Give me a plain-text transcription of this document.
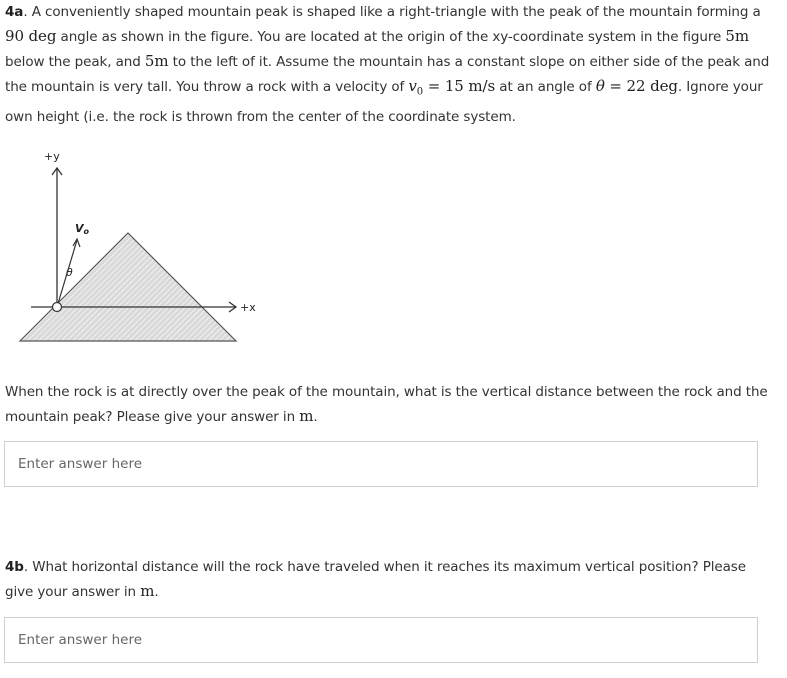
4a. A conveniently shaped mountain peak is shaped like a right-triangle with the peak of the mountain forming a
90 deg angle as shown in the figure. You are located at the origin of the xy-coordinate system in the figure 5m below the peak, and 5m to the left of it. Assume the mountain has a constant slope on either side of the peak and the mountain is very tall. You throw a rock with a velocity of $v_0 = 15$ m/s at an angle of θ = 22 deg. Ignore your own height (i.e. the rock is thrown from the center of the coordinate system.
+y
+x
Vo
θ
When the rock is at directly over the peak of the mountain, what is the vertical distance between the rock and the mountain peak? Please give your answer in m.
Enter answer here
4b. What horizontal distance will the rock have traveled when it reaches its maximum vertical position? Please give your answer in m.
Enter answer here
